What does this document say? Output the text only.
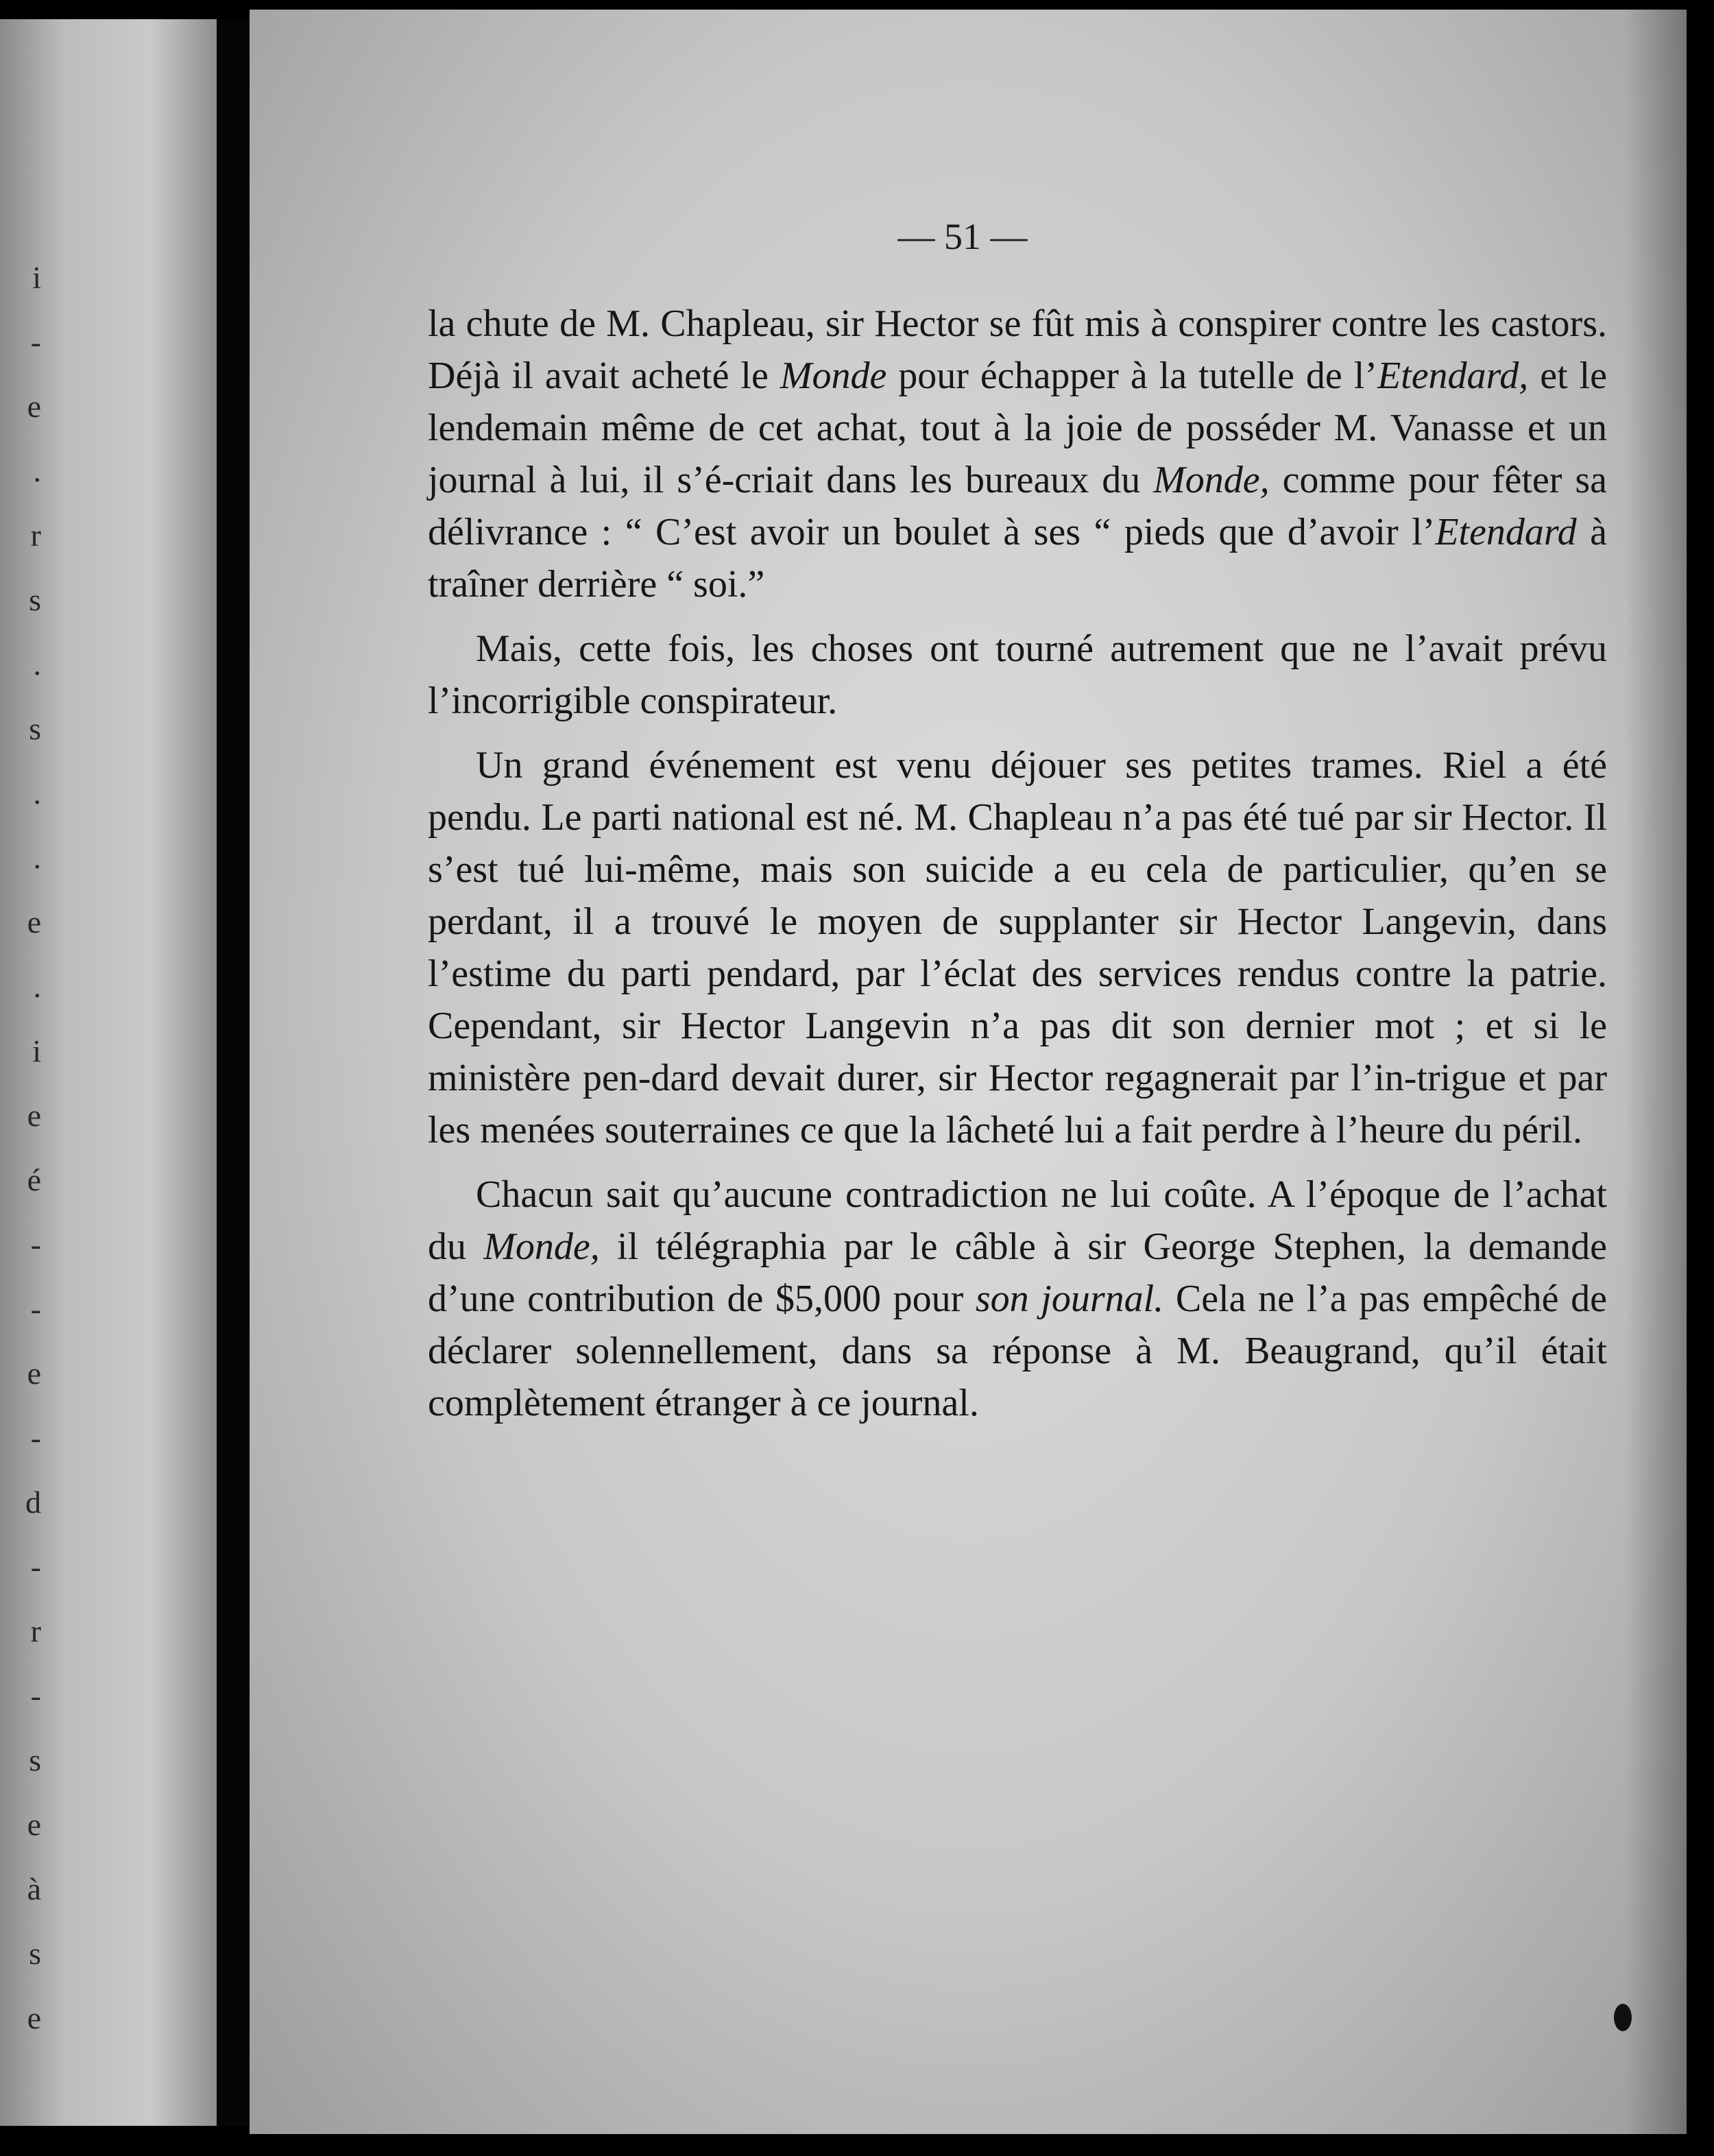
i
-
e
.
r
s
.
s
.
.
e
.
i
e
é
-
-
e
-
d
-
r
-
s
e
à
s
e
— 51 —

la chute de M. Chapleau, sir Hector se fût mis à conspirer contre les castors. Déjà il avait acheté le Monde pour échapper à la tutelle de l’Etendard, et le lendemain même de cet achat, tout à la joie de posséder M. Vanasse et un journal à lui, il s’é-criait dans les bureaux du Monde, comme pour fêter sa délivrance : “ C’est avoir un boulet à ses “ pieds que d’avoir l’Etendard à traîner derrière “ soi.”

Mais, cette fois, les choses ont tourné autrement que ne l’avait prévu l’incorrigible conspirateur.

Un grand événement est venu déjouer ses petites trames. Riel a été pendu. Le parti national est né. M. Chapleau n’a pas été tué par sir Hector. Il s’est tué lui-même, mais son suicide a eu cela de particulier, qu’en se perdant, il a trouvé le moyen de supplanter sir Hector Langevin, dans l’estime du parti pendard, par l’éclat des services rendus contre la patrie. Cependant, sir Hector Langevin n’a pas dit son dernier mot ; et si le ministère pen-dard devait durer, sir Hector regagnerait par l’in-trigue et par les menées souterraines ce que la lâcheté lui a fait perdre à l’heure du péril.

Chacun sait qu’aucune contradiction ne lui coûte. A l’époque de l’achat du Monde, il télégraphia par le câble à sir George Stephen, la demande d’une contribution de $5,000 pour son journal. Cela ne l’a pas empêché de déclarer solennellement, dans sa réponse à M. Beaugrand, qu’il était complètement étranger à ce journal.
